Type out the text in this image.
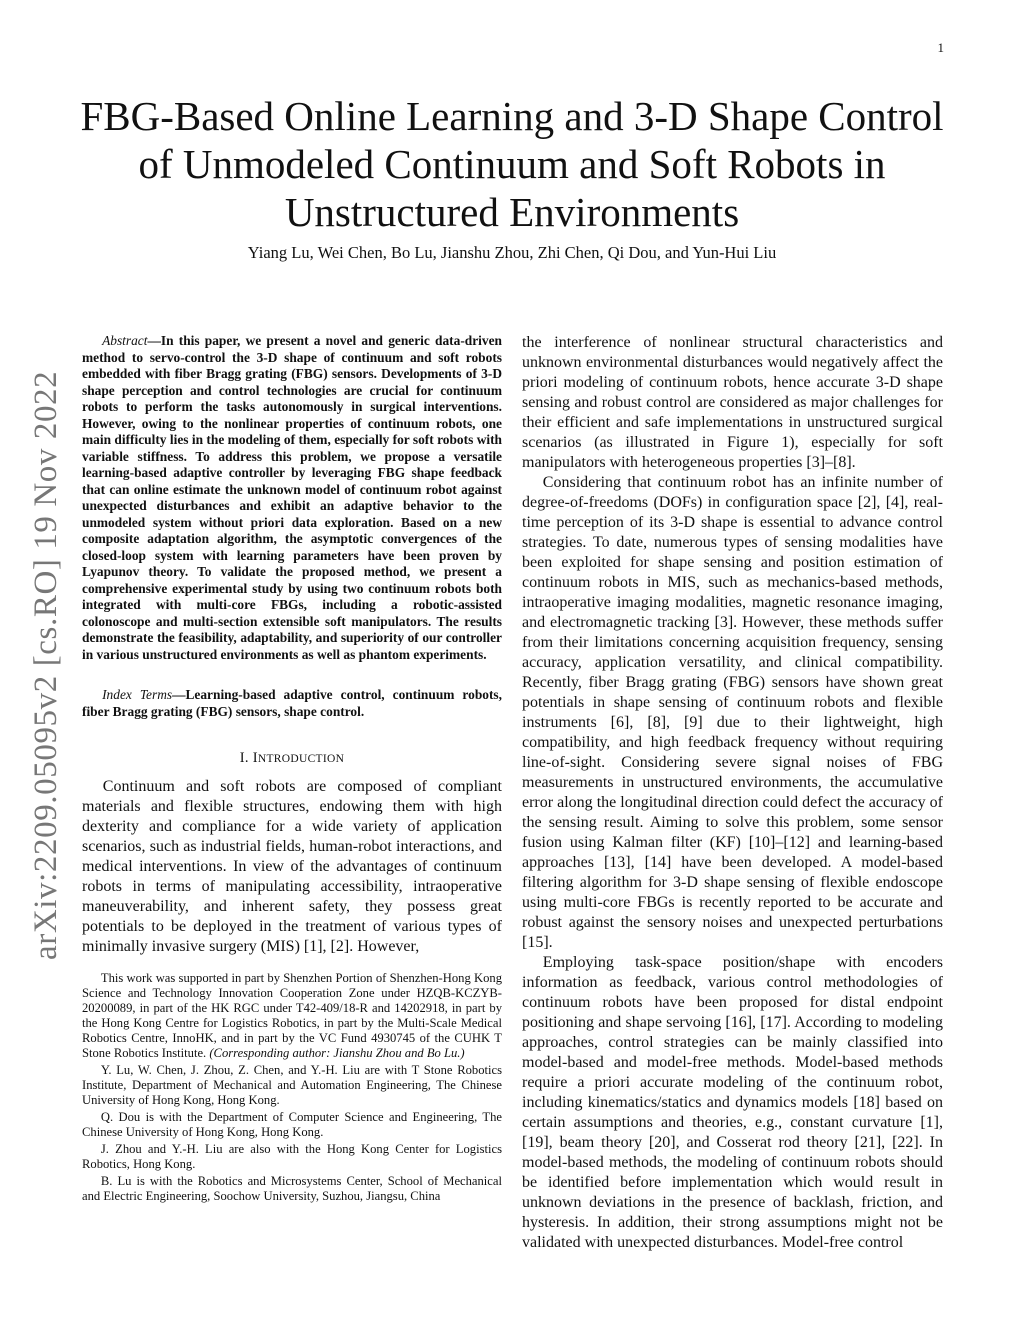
1
arXiv:2209.05095v2 [cs.RO] 19 Nov 2022
FBG-Based Online Learning and 3-D Shape Control of Unmodeled Continuum and Soft Robots in Unstructured Environments
Yiang Lu, Wei Chen, Bo Lu, Jianshu Zhou, Zhi Chen, Qi Dou, and Yun-Hui Liu

Abstract—In this paper, we present a novel and generic data-driven method to servo-control the 3-D shape of continuum and soft robots embedded with fiber Bragg grating (FBG) sensors. Developments of 3-D shape perception and control technologies are crucial for continuum robots to perform the tasks autonomously in surgical interventions. However, owing to the nonlinear properties of continuum robots, one main difficulty lies in the modeling of them, especially for soft robots with variable stiffness. To address this problem, we propose a versatile learning-based adaptive controller by leveraging FBG shape feedback that can online estimate the unknown model of continuum robot against unexpected disturbances and exhibit an adaptive behavior to the unmodeled system without priori data exploration. Based on a new composite adaptation algorithm, the asymptotic convergences of the closed-loop system with learning parameters have been proven by Lyapunov theory. To validate the proposed method, we present a comprehensive experimental study by using two continuum robots both integrated with multi-core FBGs, including a robotic-assisted colonoscope and multi-section extensible soft manipulators. The results demonstrate the feasibility, adaptability, and superiority of our controller in various unstructured environments as well as phantom experiments.

Index Terms—Learning-based adaptive control, continuum robots, fiber Bragg grating (FBG) sensors, shape control.

I. INTRODUCTION

Continuum and soft robots are composed of compliant materials and flexible structures, endowing them with high dexterity and compliance for a wide variety of application scenarios, such as industrial fields, human-robot interactions, and medical interventions. In view of the advantages of continuum robots in terms of manipulating accessibility, intraoperative maneuverability, and inherent safety, they possess great potentials to be deployed in the treatment of various types of minimally invasive surgery (MIS) [1], [2]. However,

This work was supported in part by Shenzhen Portion of Shenzhen-Hong Kong Science and Technology Innovation Cooperation Zone under HZQB-KCZYB-20200089, in part of the HK RGC under T42-409/18-R and 14202918, in part by the Hong Kong Centre for Logistics Robotics, in part by the Multi-Scale Medical Robotics Centre, InnoHK, and in part by the VC Fund 4930745 of the CUHK T Stone Robotics Institute. (Corresponding author: Jianshu Zhou and Bo Lu.)

Y. Lu, W. Chen, J. Zhou, Z. Chen, and Y.-H. Liu are with T Stone Robotics Institute, Department of Mechanical and Automation Engineering, The Chinese University of Hong Kong, Hong Kong.

Q. Dou is with the Department of Computer Science and Engineering, The Chinese University of Hong Kong, Hong Kong.

J. Zhou and Y.-H. Liu are also with the Hong Kong Center for Logistics Robotics, Hong Kong.

B. Lu is with the Robotics and Microsystems Center, School of Mechanical and Electric Engineering, Soochow University, Suzhou, Jiangsu, China

the interference of nonlinear structural characteristics and unknown environmental disturbances would negatively affect the priori modeling of continuum robots, hence accurate 3-D shape sensing and robust control are considered as major challenges for their efficient and safe implementations in unstructured surgical scenarios (as illustrated in Figure 1), especially for soft manipulators with heterogeneous properties [3]–[8].

Considering that continuum robot has an infinite number of degree-of-freedoms (DOFs) in configuration space [2], [4], real-time perception of its 3-D shape is essential to advance control strategies. To date, numerous types of sensing modalities have been exploited for shape sensing and position estimation of continuum robots in MIS, such as mechanics-based methods, intraoperative imaging modalities, magnetic resonance imaging, and electromagnetic tracking [3]. However, these methods suffer from their limitations concerning acquisition frequency, sensing accuracy, application versatility, and clinical compatibility. Recently, fiber Bragg grating (FBG) sensors have shown great potentials in shape sensing of continuum robots and flexible instruments [6], [8], [9] due to their lightweight, high compatibility, and high feedback frequency without requiring line-of-sight. Considering severe signal noises of FBG measurements in unstructured environments, the accumulative error along the longitudinal direction could defect the accuracy of the sensing result. Aiming to solve this problem, some sensor fusion using Kalman filter (KF) [10]–[12] and learning-based approaches [13], [14] have been developed. A model-based filtering algorithm for 3-D shape sensing of flexible endoscope using multi-core FBGs is recently reported to be accurate and robust against the sensory noises and unexpected perturbations [15].

Employing task-space position/shape with encoders information as feedback, various control methodologies of continuum robots have been proposed for distal endpoint positioning and shape servoing [16], [17]. According to modeling approaches, control strategies can be mainly classified into model-based and model-free methods. Model-based methods require a priori accurate modeling of the continuum robot, including kinematics/statics and dynamics models [18] based on certain assumptions and theories, e.g., constant curvature [1], [19], beam theory [20], and Cosserat rod theory [21], [22]. In model-based methods, the modeling of continuum robots should be identified before implementation which would result in unknown deviations in the presence of backlash, friction, and hysteresis. In addition, their strong assumptions might not be validated with unexpected disturbances. Model-free control
